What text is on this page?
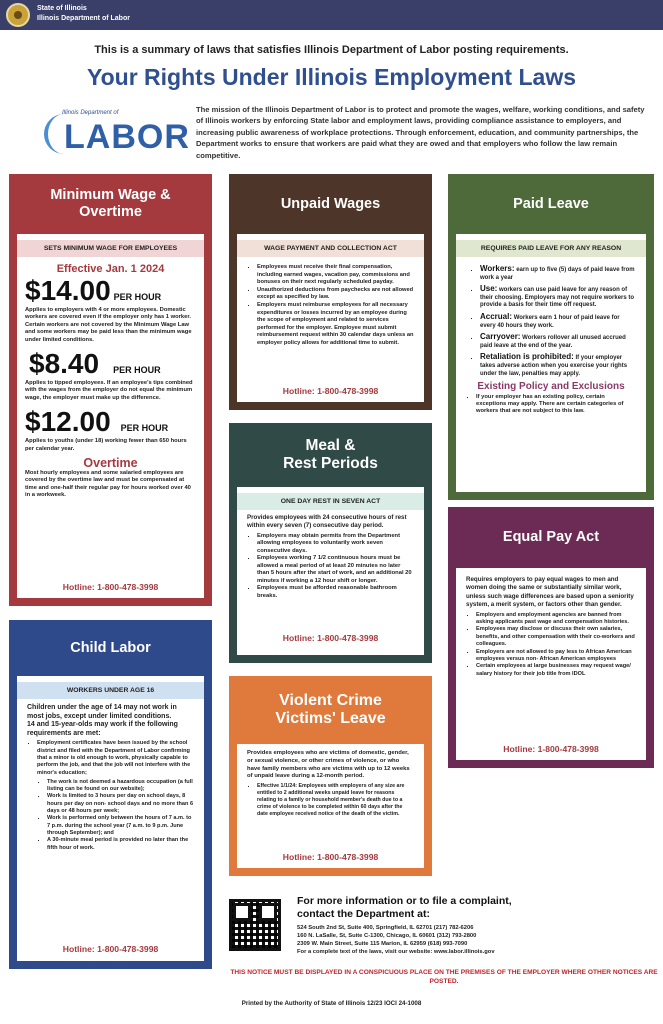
State of Illinois
Illinois Department of Labor
This is a summary of laws that satisfies Illinois Department of Labor posting requirements.
Your Rights Under Illinois Employment Laws
Illinois Department of
LABOR
The mission of the Illinois Department of Labor is to protect and promote the wages, welfare, working conditions, and safety of Illinois workers by enforcing State labor and employment laws, providing compliance assistance to employers, and increasing public awareness of workplace protections. Through enforcement, education, and community partnerships, the Department works to ensure that workers are paid what they are owed and that employers who follow the law remain competitive.
Minimum Wage &
Overtime
SETS MINIMUM WAGE FOR EMPLOYEES
Effective Jan. 1 2024
$14.00 PER HOUR
Applies to employers with 4 or more employees. Domestic workers are covered even if the employer only has 1 worker. Certain workers are not covered by the Minimum Wage Law and some workers may be paid less than the minimum wage under limited conditions.
$8.40 PER HOUR
Applies to tipped employees. If an employee's tips combined with the wages from the employer do not equal the minimum wage, the employer must make up the difference.
$12.00 PER HOUR
Applies to youths (under 18) working fewer than 650 hours per calendar year.
Overtime
Most hourly employees and some salaried employees are covered by the overtime law and must be compensated at time and one-half their regular pay for hours worked over 40 in a workweek.
Hotline: 1-800-478-3998
Unpaid Wages
WAGE PAYMENT AND COLLECTION ACT
▪ Employees must receive their final compensation, including earned wages, vacation pay, commissions and bonuses on their next regularly scheduled payday.
▪ Unauthorized deductions from paychecks are not allowed except as specified by law.
▪ Employers must reimburse employees for all necessary expenditures or losses incurred by an employee during the scope of employment and related to services performed for the employer. Employee must submit reimbursement request within 30 calendar days unless an employer policy allows for additional time to submit.
Hotline: 1-800-478-3998
Paid Leave
REQUIRES PAID LEAVE FOR ANY REASON
▪ Workers: earn up to five (5) days of paid leave from work a year
▪ Use: workers can use paid leave for any reason of their choosing. Employers may not require workers to provide a basis for their time off request.
▪ Accrual: Workers earn 1 hour of paid leave for every 40 hours they work.
▪ Carryover: Workers rollover all unused accrued paid leave at the end of the year.
▪ Retaliation is prohibited: If your employer takes adverse action when you exercise your rights under the law, penalties may apply.
Existing Policy and Exclusions
▪ If your employer has an existing policy, certain exceptions may apply. There are certain categories of workers that are not subject to this law.
Meal &
Rest Periods
ONE DAY REST IN SEVEN ACT
Provides employees with 24 consecutive hours of rest within every seven (7) consecutive day period.
▪ Employers may obtain permits from the Department allowing employees to voluntarily work seven consecutive days.
▪ Employees working 7 1/2 continuous hours must be allowed a meal period of at least 20 minutes no later than 5 hours after the start of work, and an additional 20 minutes if working a 12 hour shift or longer.
▪ Employees must be afforded reasonable bathroom breaks.
Hotline: 1-800-478-3998
Equal Pay Act
Requires employers to pay equal wages to men and women doing the same or substantially similar work, unless such wage differences are based upon a seniority system, a merit system, or factors other than gender.
▪ Employers and employment agencies are banned from asking applicants past wage and compensation histories.
▪ Employees may disclose or discuss their own salaries, benefits, and other compensation with their co-workers and colleagues.
▪ Employers are not allowed to pay less to African American employees versus non- African American employees
▪ Certain employees at large businesses may request wage/ salary history for their job title from IDOL
Hotline: 1-800-478-3998
Child Labor
WORKERS UNDER AGE 16
Children under the age of 14 may not work in most jobs, except under limited conditions.
14 and 15-year-olds may work if the following requirements are met:
▪ Employment certificates have been issued by the school district and filed with the Department of Labor confirming that a minor is old enough to work, physically capable to perform the job, and that the job will not interfere with the minor's education;
▪ The work is not deemed a hazardous occupation (a full listing can be found on our website);
▪ Work is limited to 3 hours per day on school days, 8 hours per day on non- school days and no more than 6 days or 48 hours per week;
▪ Work is performed only between the hours of 7 a.m. to 7 p.m. during the school year (7 a.m. to 9 p.m. June through September); and
▪ A 30-minute meal period is provided no later than the fifth hour of work.
Hotline: 1-800-478-3998
Violent Crime
Victims' Leave
Provides employees who are victims of domestic, gender, or sexual violence, or other crimes of violence, or who have family members who are victims with up to 12 weeks of unpaid leave during a 12-month period.
▪ Effective 1/1/24: Employees with employers of any size are entitled to 2 additional weeks unpaid leave for reasons relating to a family or household member's death due to a crime of violence to be completed within 60 days after the date employee received notice of the death of the victim.
Hotline: 1-800-478-3998
For more information or to file a complaint,
contact the Department at:
524 South 2nd St, Suite 400, Springfield, IL 62701 (217) 782-6206
160 N. LaSalle, St, Suite C-1300, Chicago, IL 60601 (312) 793-2800
2309 W. Main Street, Suite 115 Marion, IL 62959 (618) 993-7090
For a complete text of the laws, visit our website: www.labor.illinois.gov
THIS NOTICE MUST BE DISPLAYED IN A CONSPICUOUS PLACE ON THE PREMISES OF THE EMPLOYER WHERE OTHER NOTICES ARE POSTED.
Printed by the Authority of State of Illinois 12/23 IOCI 24-1008
